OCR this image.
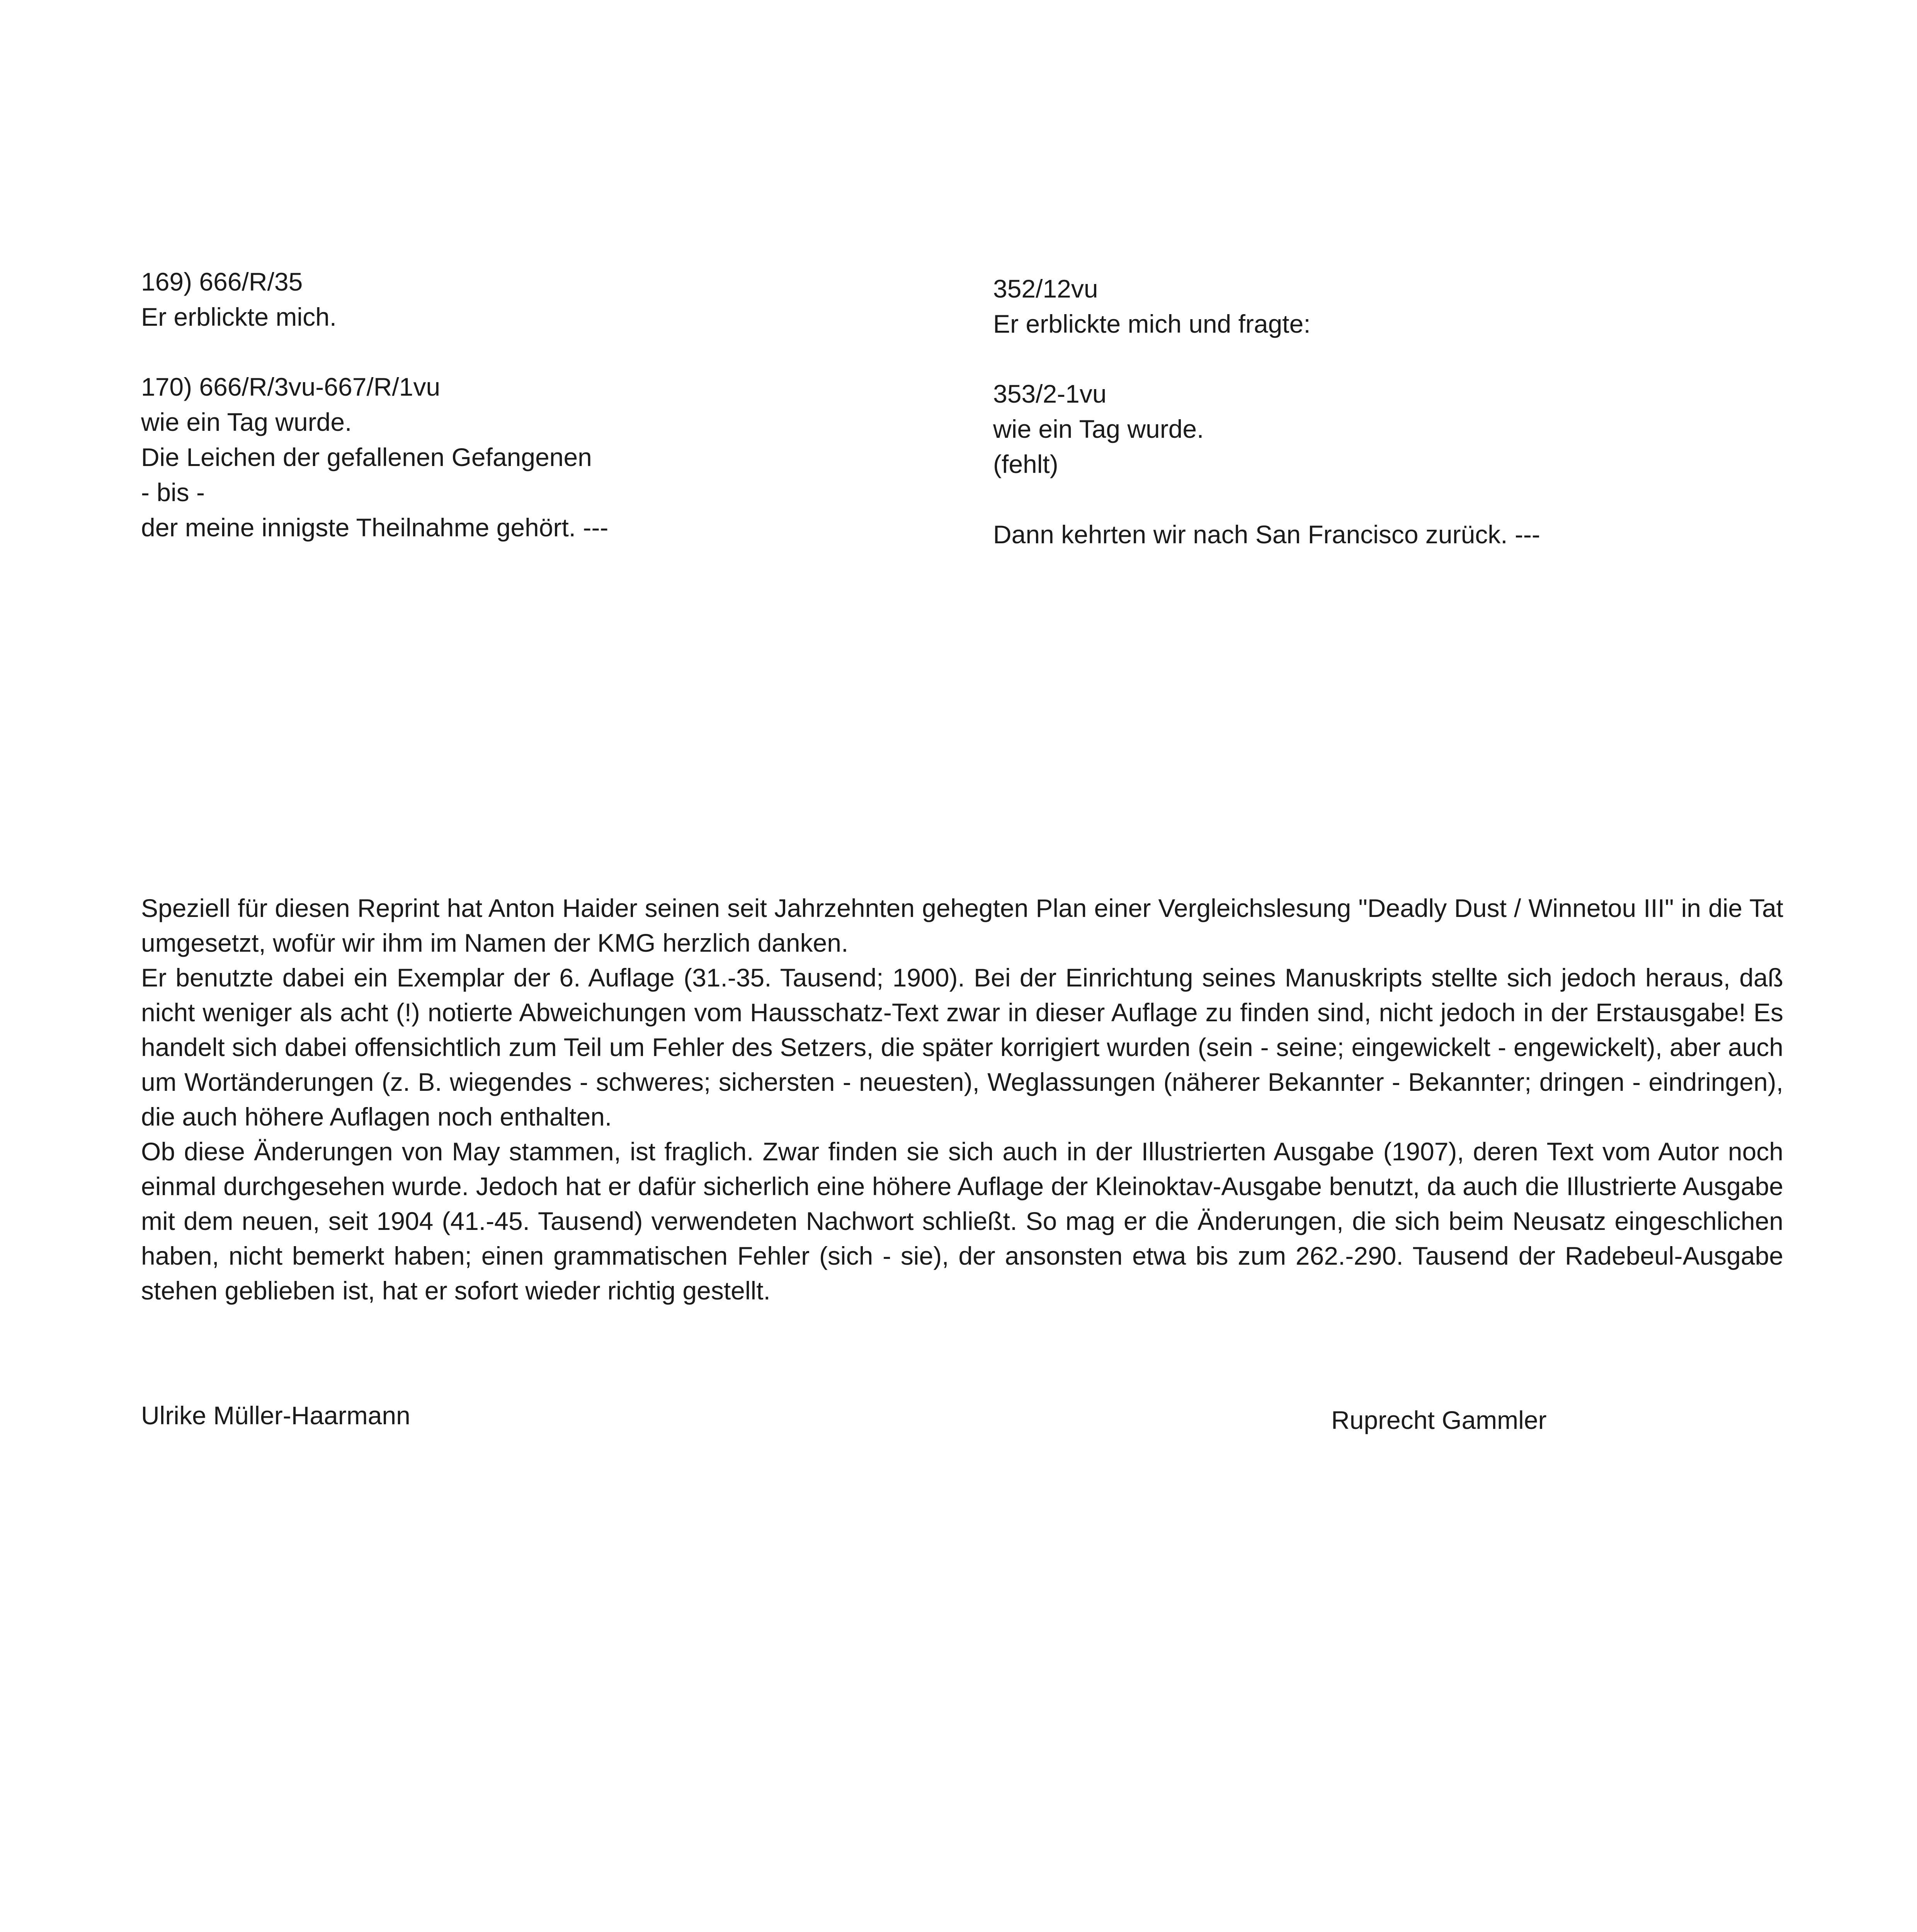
169) 666/R/35
Er erblickte mich.
170) 666/R/3vu-667/R/1vu
wie ein Tag wurde.
Die Leichen der gefallenen Gefangenen
- bis -
der meine innigste Theilnahme gehört. ---
352/12vu
Er erblickte mich und fragte:
353/2-1vu
wie ein Tag wurde.
(fehlt)

Dann kehrten wir nach San Francisco zurück. ---

Speziell für diesen Reprint hat Anton Haider seinen seit Jahrzehnten gehegten Plan einer Vergleichslesung "Deadly Dust / Winnetou III" in die Tat umgesetzt, wofür wir ihm im Namen der KMG herzlich danken.

Er benutzte dabei ein Exemplar der 6. Auflage (31.-35. Tausend; 1900). Bei der Einrichtung seines Manuskripts stellte sich jedoch heraus, daß nicht weniger als acht (!) notierte Abweichungen vom Hausschatz-Text zwar in dieser Auflage zu finden sind, nicht jedoch in der Erstausgabe! Es handelt sich dabei offensichtlich zum Teil um Fehler des Setzers, die später korrigiert wurden (sein - seine; eingewickelt - engewickelt), aber auch um Wortänderungen (z. B. wiegendes - schweres; sichersten - neuesten), Weglassungen (näherer Bekannter - Bekannter; dringen - eindringen), die auch höhere Auflagen noch enthalten.

Ob diese Änderungen von May stammen, ist fraglich. Zwar finden sie sich auch in der Illustrierten Ausgabe (1907), deren Text vom Autor noch einmal durchgesehen wurde. Jedoch hat er dafür sicherlich eine höhere Auflage der Kleinoktav-Ausgabe benutzt, da auch die Illustrierte Ausgabe mit dem neuen, seit 1904 (41.-45. Tausend) verwendeten Nachwort schließt. So mag er die Änderungen, die sich beim Neusatz eingeschlichen haben, nicht bemerkt haben; einen grammatischen Fehler (sich - sie), der ansonsten etwa bis zum 262.-290. Tausend der Radebeul-Ausgabe stehen geblieben ist, hat er sofort wieder richtig gestellt.

Ulrike Müller-Haarmann	Ruprecht Gammler
